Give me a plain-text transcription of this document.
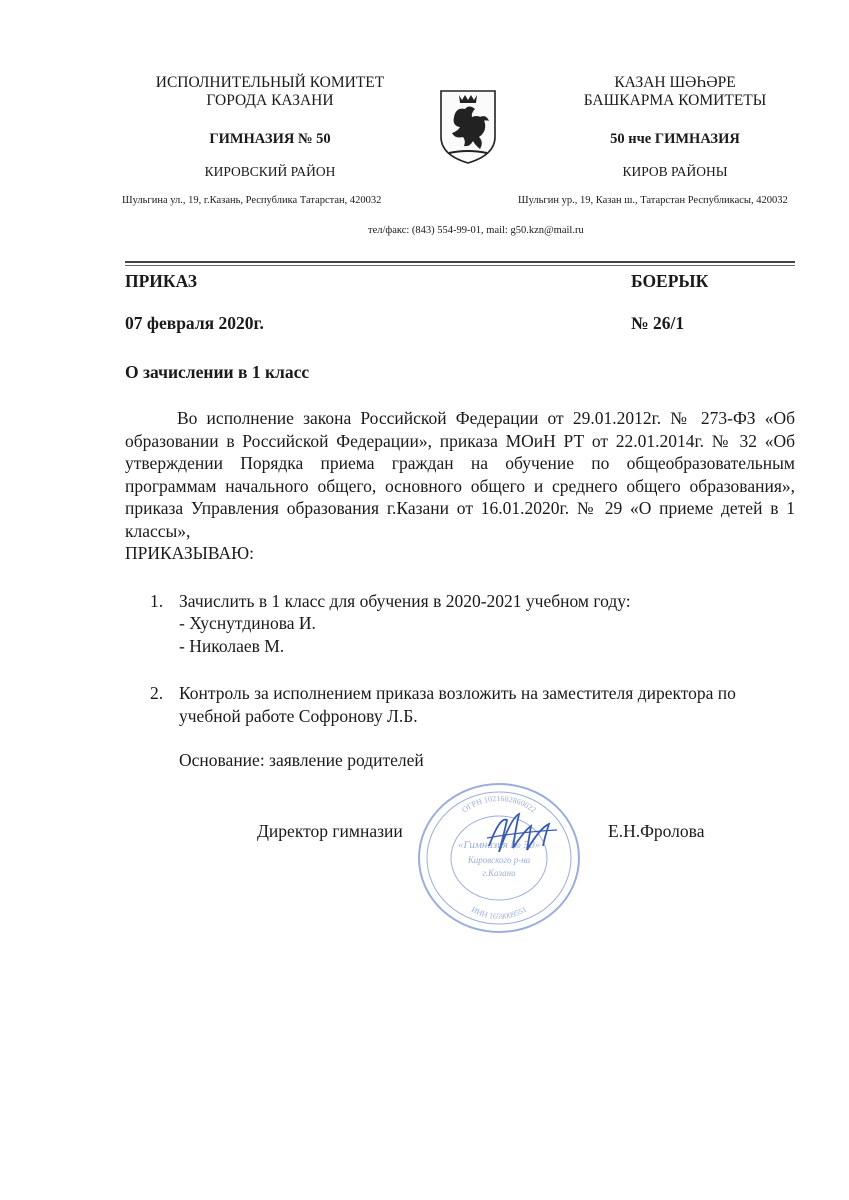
ИСПОЛНИТЕЛЬНЫЙ КОМИТЕТ
ГОРОДА КАЗАНИ
ГИМНАЗИЯ № 50
КИРОВСКИЙ РАЙОН
Шульгина ул., 19, г.Казань, Республика Татарстан, 420032
КАЗАН ШӘҺӘРЕ
БАШКАРМА КОМИТЕТЫ
50 нче ГИМНАЗИЯ
КИРОВ РАЙОНЫ
Шульгин ур., 19, Казан ш., Татарстан Республикасы, 420032
тел/факс: (843) 554-99-01, mail: g50.kzn@mail.ru
ПРИКАЗ	БОЕРЫК
07 февраля 2020г.	№ 26/1
О зачислении в 1 класс
Во исполнение закона Российской Федерации от 29.01.2012г. № 273-ФЗ «Об образовании в Российской Федерации», приказа МОиН РТ от 22.01.2014г. № 32 «Об утверждении Порядка приема граждан на обучение по общеобразовательным программам начального общего, основного общего и среднего общего образования», приказа Управления образования г.Казани от 16.01.2020г. № 29 «О приеме детей в 1 классы»,
ПРИКАЗЫВАЮ:
1. Зачислить в 1 класс для обучения в 2020-2021 учебном году:
- Хуснутдинова И.
- Николаев М.
2. Контроль за исполнением приказа возложить на заместителя директора по учебной работе Софронову Л.Б.
Основание: заявление родителей
ОГРН 1021602860022
ИНН 1659009551
«Гимназия № 50»
Кировского р-на
г.Казани
Директор гимназии	Е.Н.Фролова
